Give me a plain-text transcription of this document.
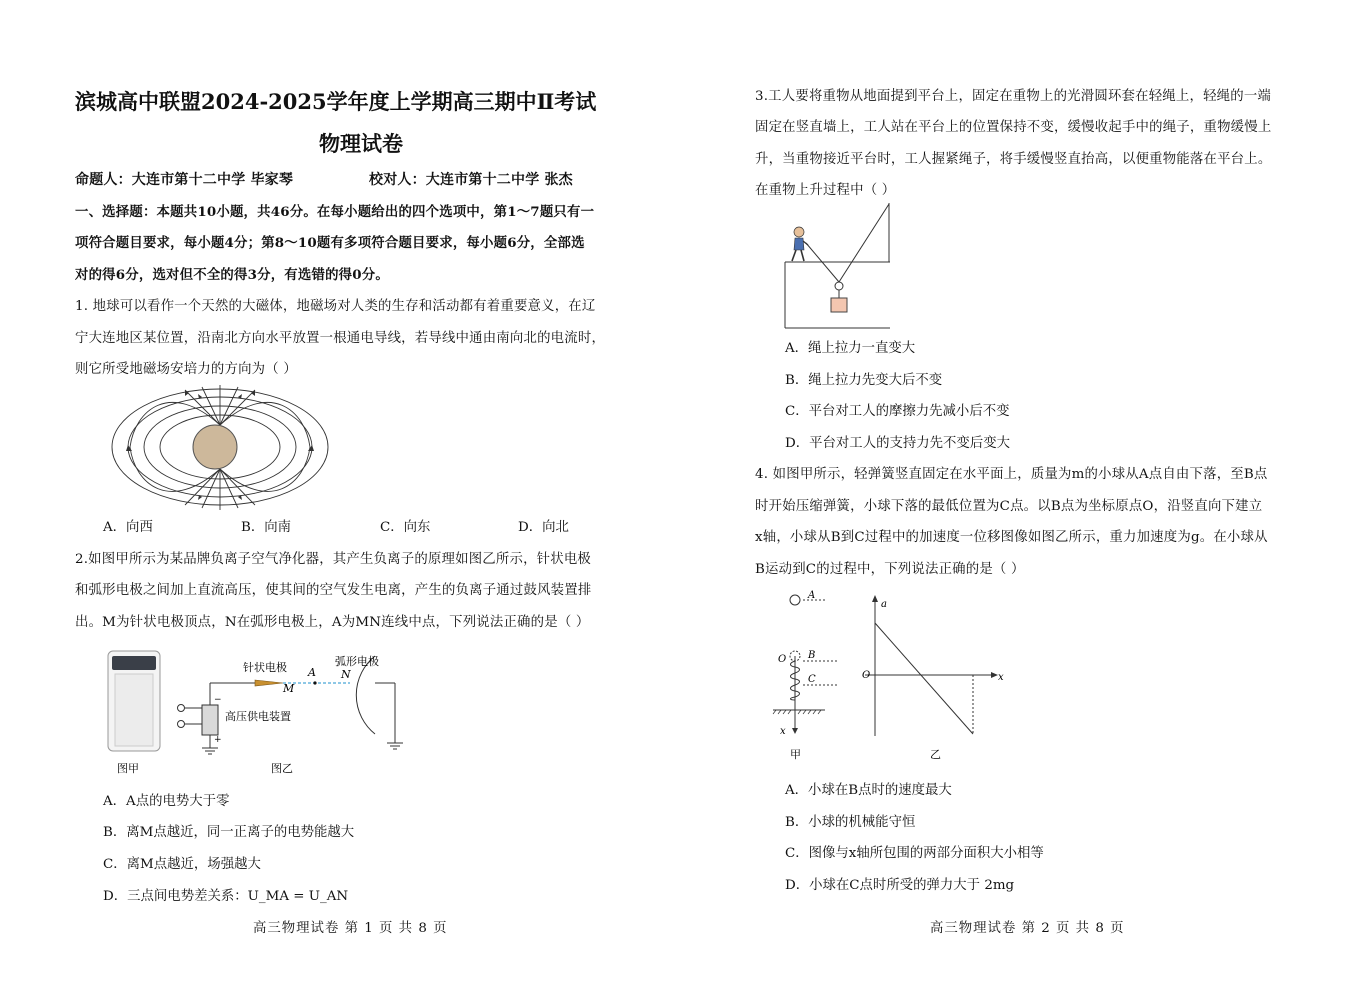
滨城高中联盟2024-2025学年度上学期高三期中Ⅱ考试
物理试卷
命题人：大连市第十二中学 毕家琴	校对人：大连市第十二中学 张杰
一、选择题：本题共10小题，共46分。在每小题给出的四个选项中，第1～7题只有一
项符合题目要求，每小题4分；第8～10题有多项符合题目要求，每小题6分，全部选
对的得6分，选对但不全的得3分，有选错的得0分。
1. 地球可以看作一个天然的大磁体，地磁场对人类的生存和活动都有着重要意义，在辽
宁大连地区某位置，沿南北方向水平放置一根通电导线，若导线中通由南向北的电流时，
则它所受地磁场安培力的方向为（ ）
A．向西	B．向南	C．向东	D．向北
2.如图甲所示为某品牌负离子空气净化器，其产生负离子的原理如图乙所示，针状电极
和弧形电极之间加上直流高压，使其间的空气发生电离，产生的负离子通过鼓风装置排
出。M为针状电极顶点，N在弧形电极上，A为MN连线中点，下列说法正确的是（ ）
图甲
针状电极	弧形电极
高压供电装置
A
M
N
−
+
图乙
A．A点的电势大于零
B．离M点越近，同一正离子的电势能越大
C．离M点越近，场强越大
D．三点间电势差关系：U_MA = U_AN
高三物理试卷 第 1 页 共 8 页
3.工人要将重物从地面提到平台上，固定在重物上的光滑圆环套在轻绳上，轻绳的一端
固定在竖直墙上，工人站在平台上的位置保持不变，缓慢收起手中的绳子，重物缓慢上
升，当重物接近平台时，工人握紧绳子，将手缓慢竖直抬高，以便重物能落在平台上。
在重物上升过程中（ ）
A．绳上拉力一直变大
B．绳上拉力先变大后不变
C．平台对工人的摩擦力先减小后不变
D．平台对工人的支持力先不变后变大
4. 如图甲所示，轻弹簧竖直固定在水平面上，质量为m的小球从A点自由下落，至B点
时开始压缩弹簧，小球下落的最低位置为C点。以B点为坐标原点O，沿竖直向下建立
x轴，小球从B到C过程中的加速度一位移图像如图乙所示，重力加速度为g。在小球从
B运动到C的过程中，下列说法正确的是（ ）
A
B
C
O
x
甲
a
x
O
乙
A．小球在B点时的速度最大
B．小球的机械能守恒
C．图像与x轴所包围的两部分面积大小相等
D．小球在C点时所受的弹力大于 2mg
高三物理试卷 第 2 页 共 8 页
